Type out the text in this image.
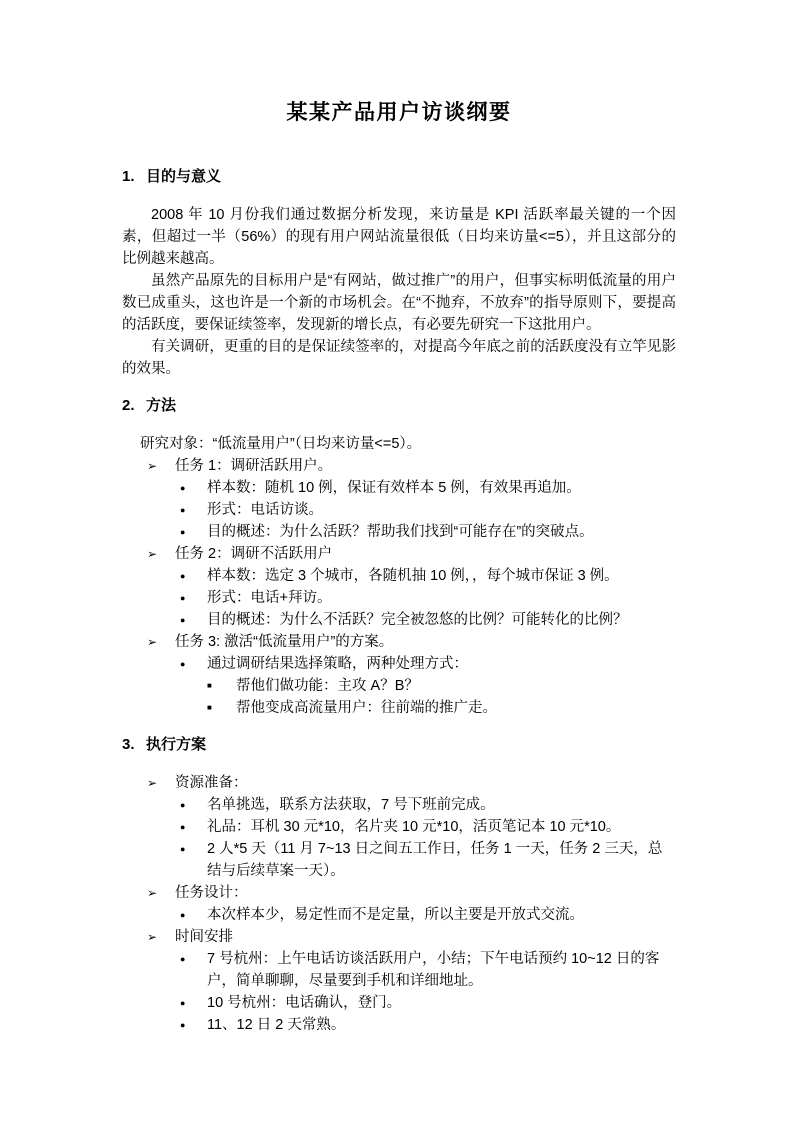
某某产品用户访谈纲要
1. 目的与意义
2008 年 10 月份我们通过数据分析发现，来访量是 KPI 活跃率最关键的一个因素，但超过一半（56%）的现有用户网站流量很低（日均来访量<=5），并且这部分的比例越来越高。
虽然产品原先的目标用户是“有网站，做过推广”的用户，但事实标明低流量的用户数已成重头，这也许是一个新的市场机会。在“不抛弃，不放弃”的指导原则下，要提高的活跃度，要保证续签率，发现新的增长点，有必要先研究一下这批用户。
有关调研，更重的目的是保证续签率的，对提高今年底之前的活跃度没有立竿见影的效果。
2. 方法
研究对象：“低流量用户”（日均来访量<=5）。
➢ 任务 1：调研活跃用户。
● 样本数：随机 10 例，保证有效样本 5 例，有效果再追加。
● 形式：电话访谈。
● 目的概述：为什么活跃？帮助我们找到“可能存在”的突破点。
➢ 任务 2：调研不活跃用户
● 样本数：选定 3 个城市，各随机抽 10 例，，每个城市保证 3 例。
● 形式：电话+拜访。
● 目的概述：为什么不活跃？完全被忽悠的比例？可能转化的比例？
➢ 任务 3: 激活“低流量用户”的方案。
● 通过调研结果选择策略，两种处理方式：
■ 帮他们做功能：主攻 A？B？
■ 帮他变成高流量用户：往前端的推广走。
3. 执行方案
➢ 资源准备：
● 名单挑选，联系方法获取，7 号下班前完成。
● 礼品：耳机 30 元*10，名片夹 10 元*10，活页笔记本 10 元*10。
● 2 人*5 天（11 月 7~13 日之间五工作日，任务 1 一天，任务 2 三天，总结与后续草案一天）。
➢ 任务设计：
● 本次样本少，易定性而不是定量，所以主要是开放式交流。
➢ 时间安排
● 7 号杭州：上午电话访谈活跃用户，小结；下午电话预约 10~12 日的客户，简单聊聊，尽量要到手机和详细地址。
● 10 号杭州：电话确认，登门。
● 11、12 日 2 天常熟。
